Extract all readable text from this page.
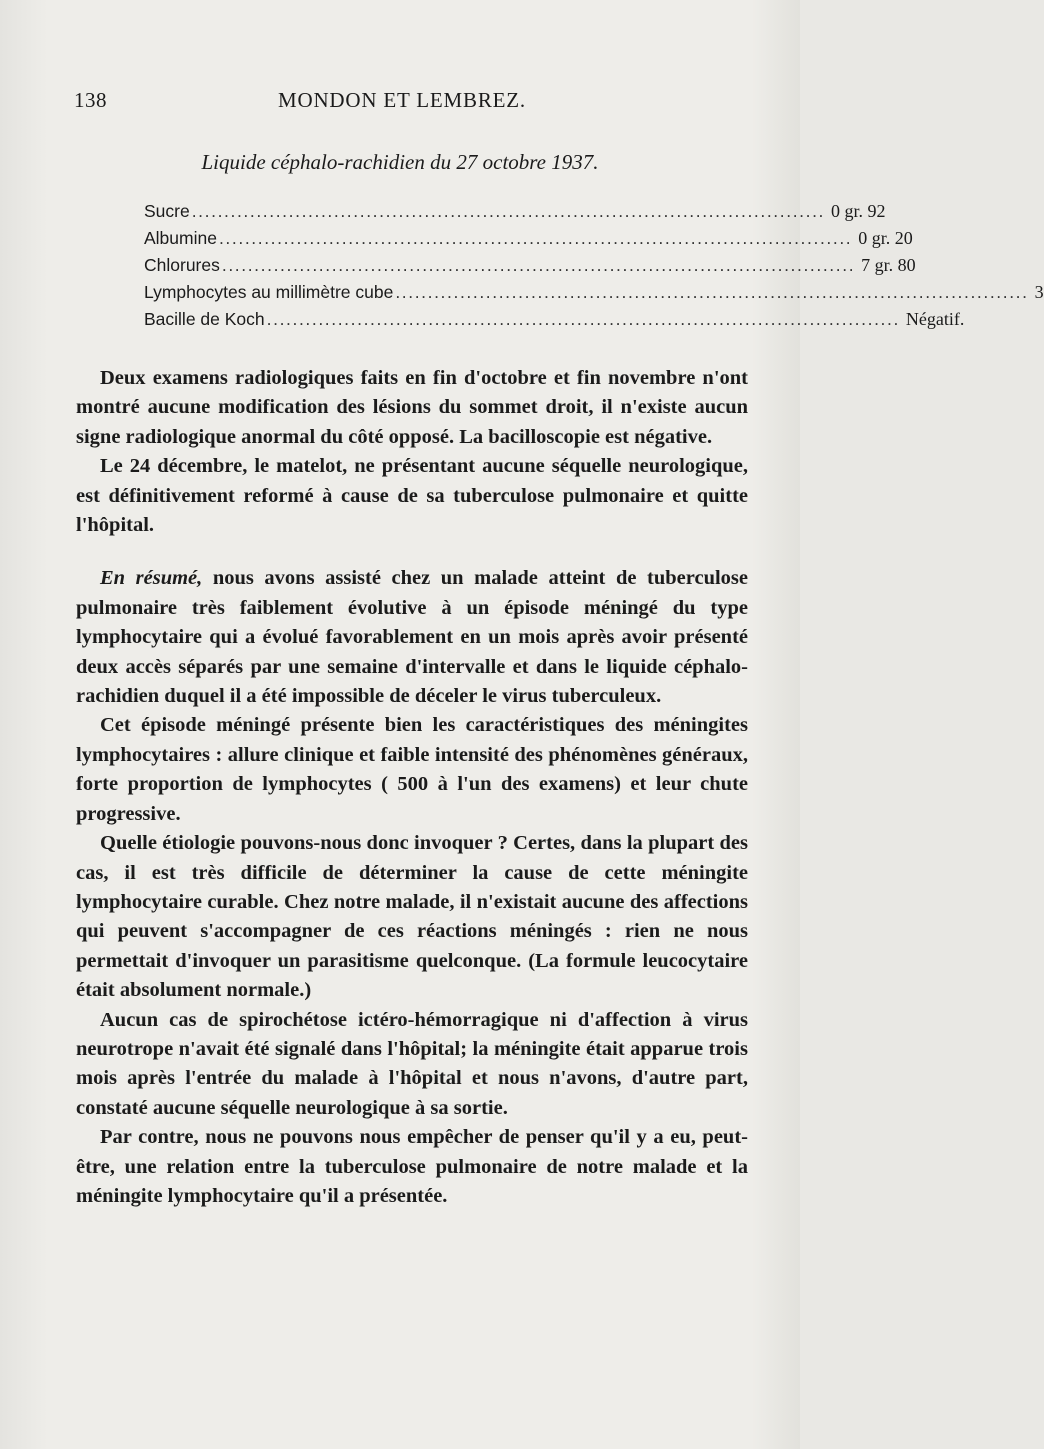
138	MONDON ET LEMBREZ.
Liquide céphalo-rachidien du 27 octobre 1937.
Sucre .................................................................................................. 0 gr. 92
Albumine .................................................................................................. 0 gr. 20
Chlorures .................................................................................................. 7 gr. 80
Lymphocytes au millimètre cube .................................................................................................. 3
Bacille de Koch .................................................................................................. Négatif.

Deux examens radiologiques faits en fin d'octobre et fin novembre n'ont montré aucune modification des lésions du sommet droit, il n'existe aucun signe radiologique anormal du côté opposé. La bacilloscopie est négative.

Le 24 décembre, le matelot, ne présentant aucune séquelle neurologique, est définitivement reformé à cause de sa tuberculose pulmonaire et quitte l'hôpital.

En résumé, nous avons assisté chez un malade atteint de tuberculose pulmonaire très faiblement évolutive à un épisode méningé du type lymphocytaire qui a évolué favorablement en un mois après avoir présenté deux accès séparés par une semaine d'intervalle et dans le liquide céphalo-rachidien duquel il a été impossible de déceler le virus tuberculeux.

Cet épisode méningé présente bien les caractéristiques des méningites lymphocytaires : allure clinique et faible intensité des phénomènes généraux, forte proportion de lymphocytes ( 500 à l'un des examens) et leur chute progressive.

Quelle étiologie pouvons-nous donc invoquer ? Certes, dans la plupart des cas, il est très difficile de déterminer la cause de cette méningite lymphocytaire curable. Chez notre malade, il n'existait aucune des affections qui peuvent s'accompagner de ces réactions méningés : rien ne nous permettait d'invoquer un parasitisme quelconque. (La formule leucocytaire était absolument normale.)

Aucun cas de spirochétose ictéro-hémorragique ni d'affection à virus neurotrope n'avait été signalé dans l'hôpital; la méningite était apparue trois mois après l'entrée du malade à l'hôpital et nous n'avons, d'autre part, constaté aucune séquelle neurologique à sa sortie.

Par contre, nous ne pouvons nous empêcher de penser qu'il y a eu, peut-être, une relation entre la tuberculose pulmonaire de notre malade et la méningite lymphocytaire qu'il a présentée.
